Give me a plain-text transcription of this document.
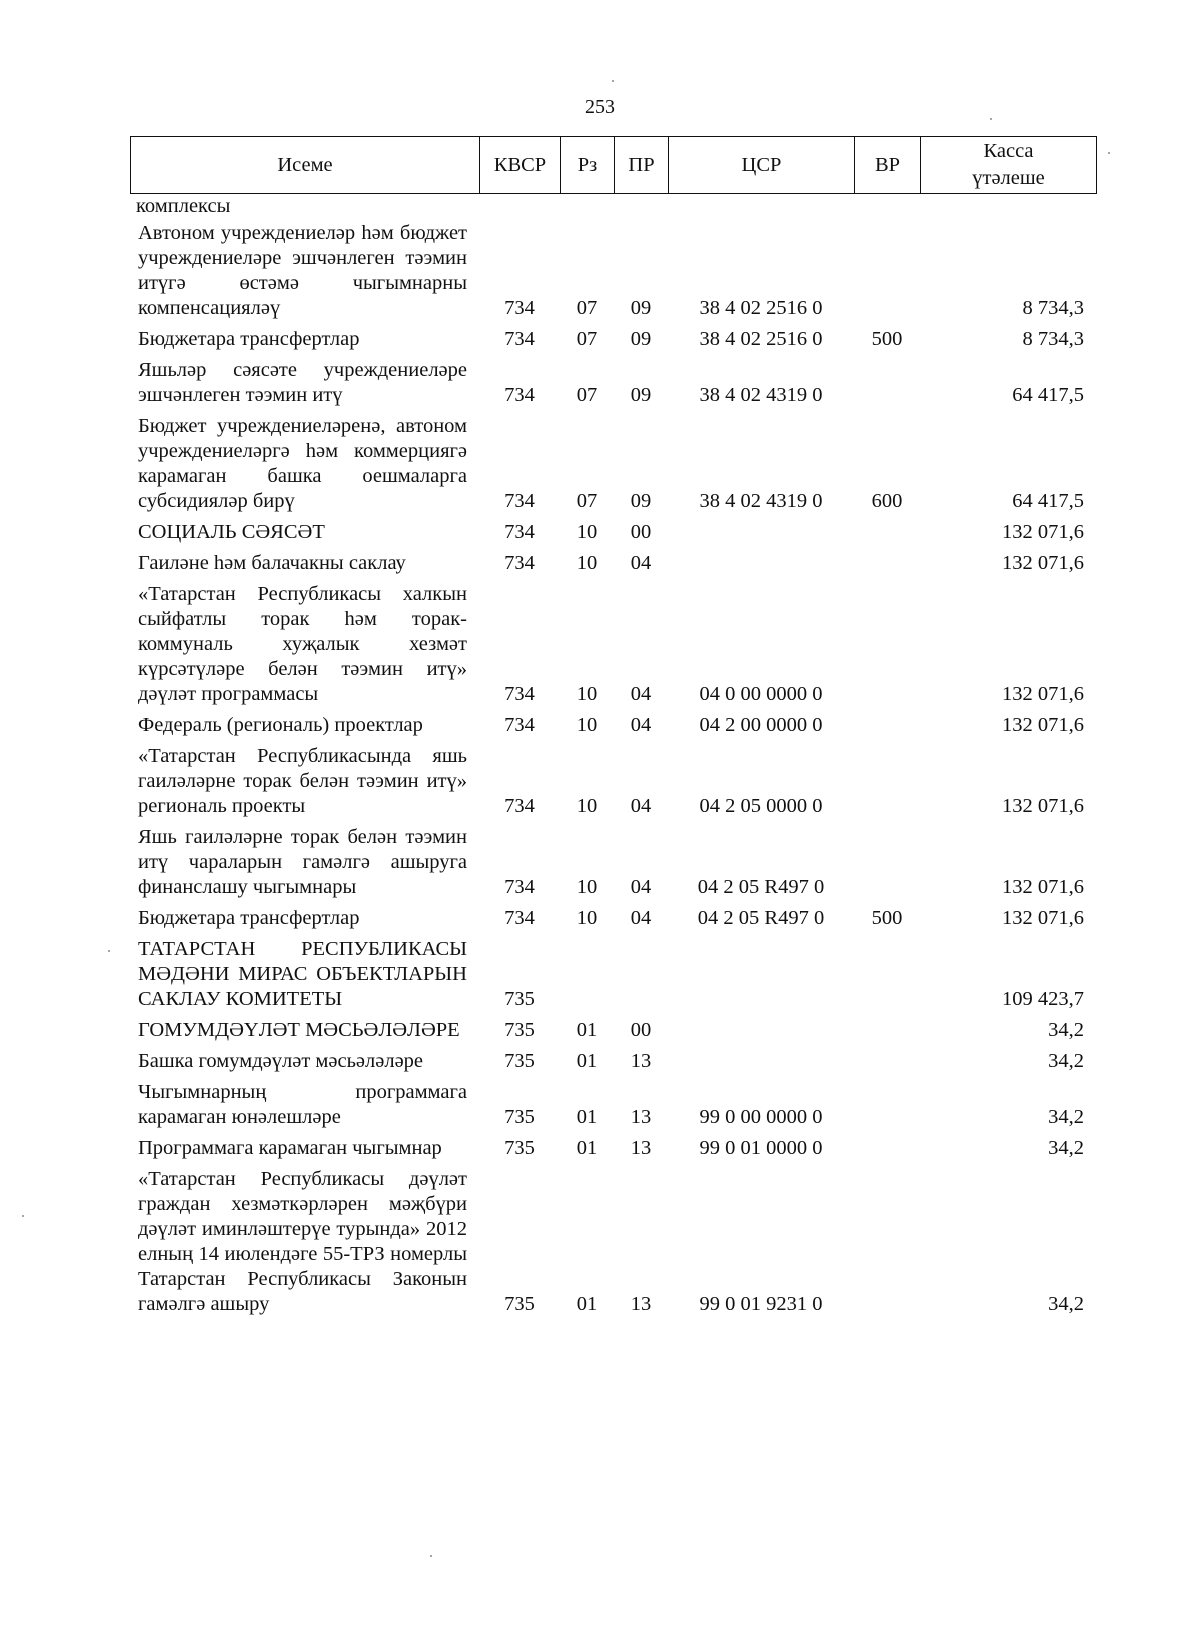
253
Исеме	КВСР	Рз	ПР	ЦСР	ВР	Касса үтәлеше
комплексы						
Автоном учреждениеләр һәм бюджет учреждениеләре эшчәнлеген тәэмин итүгә өстәмә чыгымнарны компенсацияләү	734	07	09	38 4 02 2516 0		8 734,3
Бюджетара трансфертлар	734	07	09	38 4 02 2516 0	500	8 734,3
Яшьләр сәясәте учреждениеләре эшчәнлеген тәэмин итү	734	07	09	38 4 02 4319 0		64 417,5
Бюджет учреждениеләренә, автоном учреждениеләргә һәм коммерциягә карамаган башка оешмаларга субсидияләр бирү	734	07	09	38 4 02 4319 0	600	64 417,5
СОЦИАЛЬ СӘЯСӘТ	734	10	00			132 071,6
Гаиләне һәм балачакны саклау	734	10	04			132 071,6
«Татарстан Республикасы халкын сыйфатлы торак һәм торак-коммуналь хуҗалык хезмәт күрсәтүләре белән тәэмин итү» дәүләт программасы	734	10	04	04 0 00 0000 0		132 071,6
Федераль (региональ) проектлар	734	10	04	04 2 00 0000 0		132 071,6
«Татарстан Республикасында яшь гаиләләрне торак белән тәэмин итү» региональ проекты	734	10	04	04 2 05 0000 0		132 071,6
Яшь гаиләләрне торак белән тәэмин итү чараларын гамәлгә ашыруга финанслашу чыгымнары	734	10	04	04 2 05 R497 0		132 071,6
Бюджетара трансфертлар	734	10	04	04 2 05 R497 0	500	132 071,6
ТАТАРСТАН РЕСПУБЛИКАСЫ МӘДӘНИ МИРАС ОБЪЕКТЛАРЫН САКЛАУ КОМИТЕТЫ	735					109 423,7
ГОМУМДӘҮЛӘТ МӘСЬӘЛӘЛӘРЕ	735	01	00			34,2
Башка гомумдәүләт мәсьәләләре	735	01	13			34,2
Чыгымнарның программага карамаган юнәлешләре	735	01	13	99 0 00 0000 0		34,2
Программага карамаган чыгымнар	735	01	13	99 0 01 0000 0		34,2
«Татарстан Республикасы дәүләт граждан хезмәткәрләрен мәҗбүри дәүләт иминләштерүе турында» 2012 елның 14 июлендәге 55-ТРЗ номерлы Татарстан Республикасы Законын гамәлгә ашыру	735	01	13	99 0 01 9231 0		34,2
